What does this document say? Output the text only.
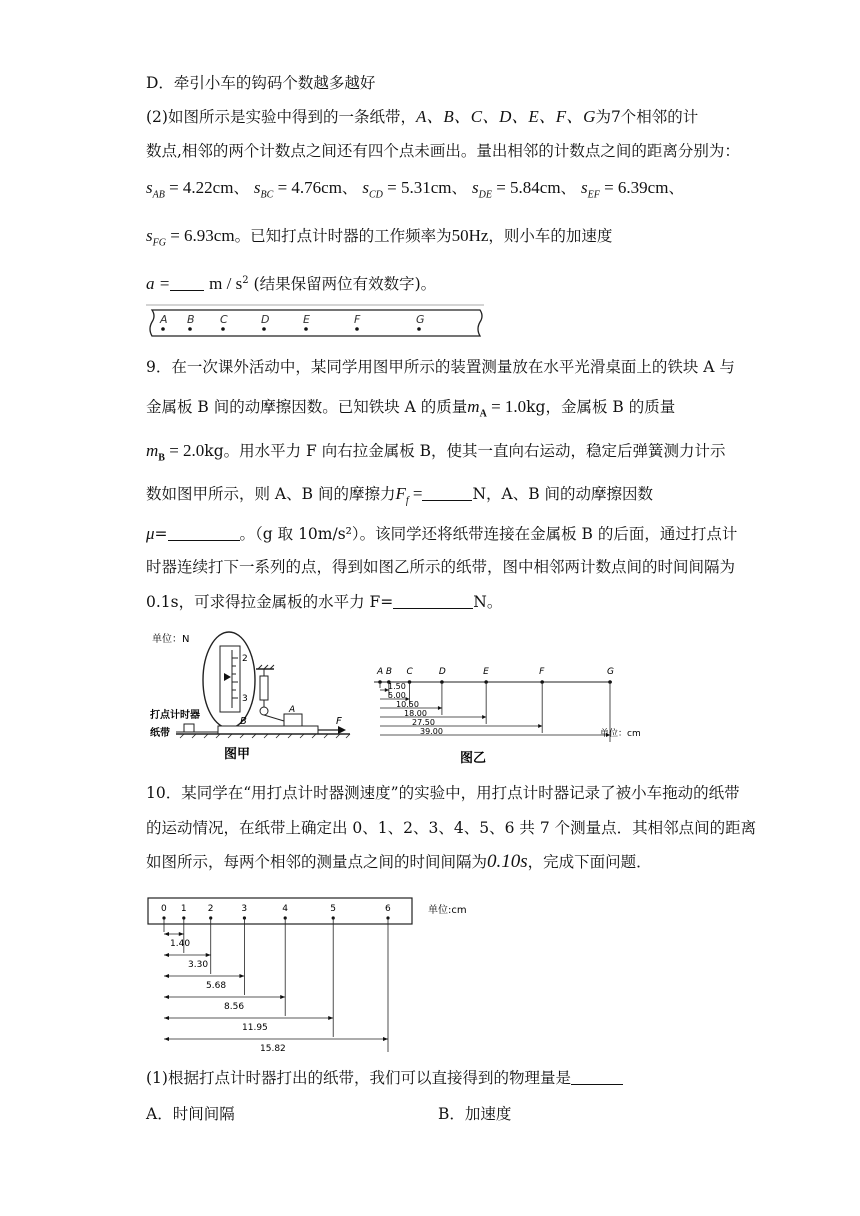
D．牵引小车的钩码个数越多越好
(2)如图所示是实验中得到的一条纸带，A、B、C、D、E、F、G为7个相邻的计
数点,相邻的两个计数点之间还有四个点未画出。量出相邻的计数点之间的距离分别为：
$s_{AB} = 4.22cm$、 $s_{BC} = 4.76cm$、 $s_{CD} = 5.31cm$、 $s_{DE} = 5.84cm$、 $s_{EF} = 6.39cm$、
$s_{FG} = 6.93cm$。已知打点计时器的工作频率为50Hz，则小车的加速度
$a = m / s^2$ (结果保留两位有效数字)。
A B C	D	E	F	G
9．在一次课外活动中，某同学用图甲所示的装置测量放在水平光滑桌面上的铁块 A 与
金属板 B 间的动摩擦因数。已知铁块 A 的质量$m_A = 1.0kg$，金属板 B 的质量
$m_B = 2.0kg$。用水平力 F 向右拉金属板 B，使其一直向右运动，稳定后弹簧测力计示
数如图甲所示，则 A、B 间的摩擦力$F_f$ =	N，A、B 间的动摩擦因数
μ=	。（g 取 10m/s²）。该同学还将纸带连接在金属板 B 的后面，通过打点计
时器连续打下一系列的点，得到如图乙所示的纸带，图中相邻两计数点间的时间间隔为
0.1s，可求得拉金属板的水平力 F=	N。
单位：N
2
3
A
B	F
打点计时器
纸带
图甲
A B C	D	E	F	G
1.50
5.00
10.50
18.00
27.50
39.00	单位：cm
图乙
10．某同学在“用打点计时器测速度”的实验中，用打点计时器记录了被小车拖动的纸带
的运动情况，在纸带上确定出 0、1、2、3、4、5、6 共 7 个测量点．其相邻点间的距离
如图所示，每两个相邻的测量点之间的时间间隔为0.10s，完成下面问题．
0 1 2	3	4	5	6
1.40
3.30
5.68
8.56
11.95
15.82
单位:cm
(1)根据打点计时器打出的纸带，我们可以直接得到的物理量是
A．时间间隔	B．加速度
